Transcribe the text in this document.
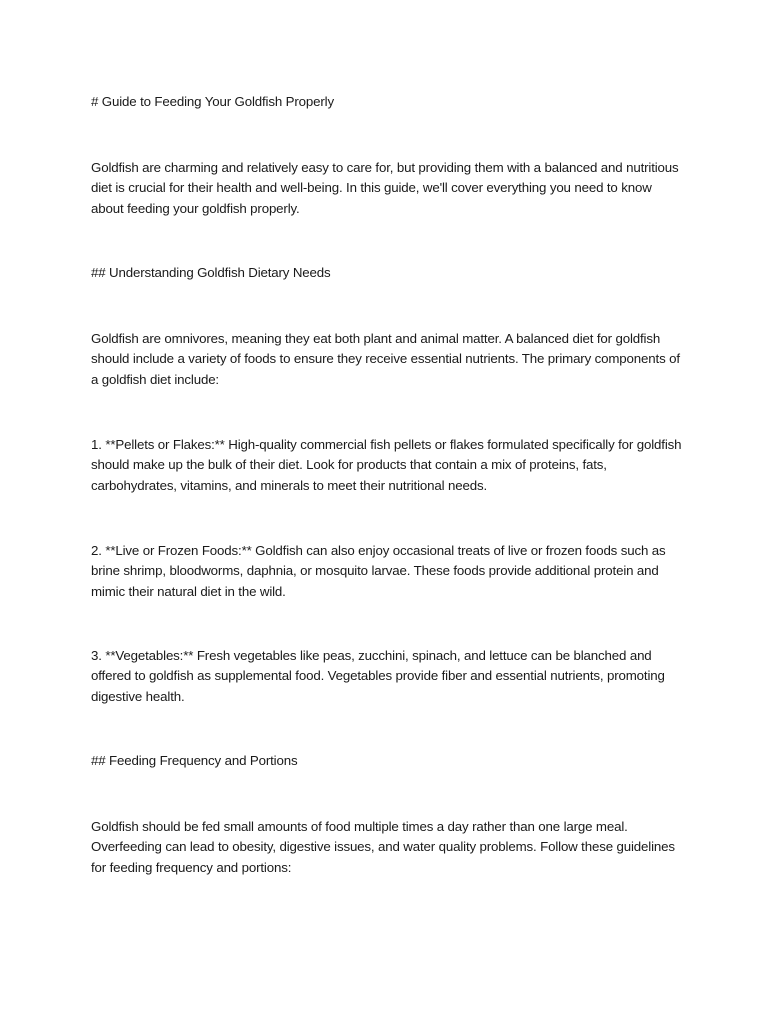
# Guide to Feeding Your Goldfish Properly

Goldfish are charming and relatively easy to care for, but providing them with a balanced and nutritious
diet is crucial for their health and well-being. In this guide, we'll cover everything you need to know
about feeding your goldfish properly.

## Understanding Goldfish Dietary Needs

Goldfish are omnivores, meaning they eat both plant and animal matter. A balanced diet for goldfish
should include a variety of foods to ensure they receive essential nutrients. The primary components of
a goldfish diet include:

1. **Pellets or Flakes:** High-quality commercial fish pellets or flakes formulated specifically for goldfish
should make up the bulk of their diet. Look for products that contain a mix of proteins, fats,
carbohydrates, vitamins, and minerals to meet their nutritional needs.

2. **Live or Frozen Foods:** Goldfish can also enjoy occasional treats of live or frozen foods such as
brine shrimp, bloodworms, daphnia, or mosquito larvae. These foods provide additional protein and
mimic their natural diet in the wild.

3. **Vegetables:** Fresh vegetables like peas, zucchini, spinach, and lettuce can be blanched and
offered to goldfish as supplemental food. Vegetables provide fiber and essential nutrients, promoting
digestive health.

## Feeding Frequency and Portions

Goldfish should be fed small amounts of food multiple times a day rather than one large meal.
Overfeeding can lead to obesity, digestive issues, and water quality problems. Follow these guidelines
for feeding frequency and portions:
